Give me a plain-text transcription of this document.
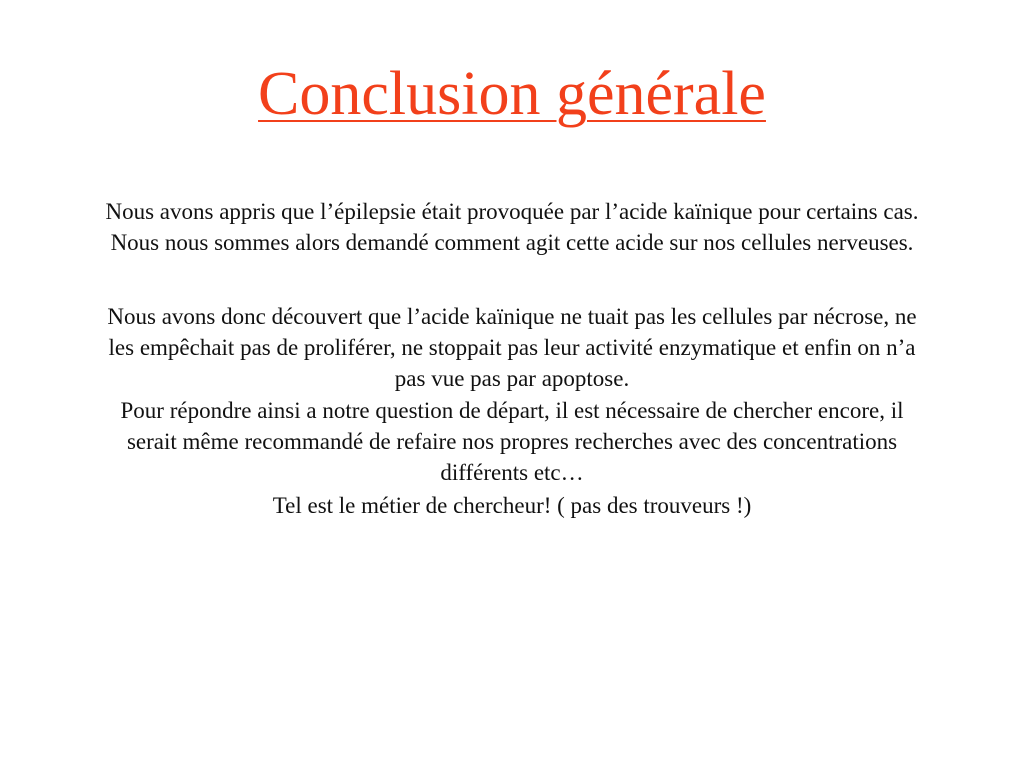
Conclusion générale

Nous avons appris que l’épilepsie était provoquée par l’acide kaïnique pour certains cas. Nous nous sommes alors demandé comment agit cette acide sur nos cellules nerveuses.

Nous avons donc découvert que l’acide kaïnique ne tuait pas les cellules par nécrose, ne les empêchait pas de proliférer, ne stoppait pas leur activité enzymatique et enfin on n’a pas vue pas par apoptose.

Pour répondre ainsi a notre question de départ, il est nécessaire de chercher encore, il serait même recommandé de refaire nos propres recherches avec des concentrations différents etc…

Tel est le métier de chercheur! ( pas des trouveurs !)
